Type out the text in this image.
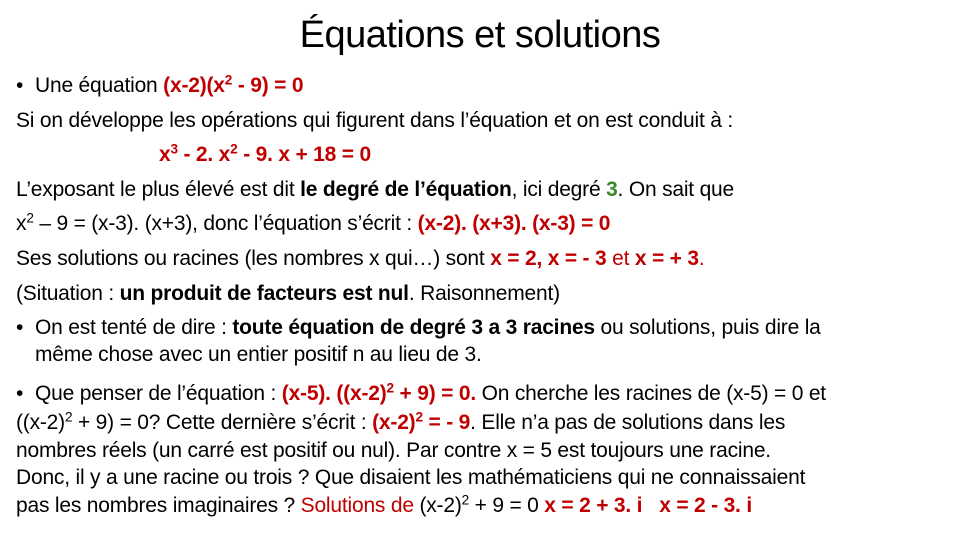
Équations et solutions
• Une équation $(x-2)(x^2 - 9) = 0$
Si on développe les opérations qui figurent dans l’équation et on est conduit à :
$x^3 - 2$. $x^2 - 9$. x + 18 = 0
L’exposant le plus élevé est dit le degré de l’équation, ici degré 3. On sait que
$x^2 - 9 = (x-3)$. (x+3), donc l’équation s’écrit : (x-2). (x+3). (x-3) = 0
Ses solutions ou racines (les nombres x qui…) sont x = 2, x = - 3 et x = + 3.
(Situation : un produit de facteurs est nul. Raisonnement)
• On est tenté de dire : toute équation de degré 3 a 3 racines ou solutions, puis dire la
même chose avec un entier positif n au lieu de 3.
• Que penser de l’équation : (x-5). $((x-2)^2 + 9) = 0$. On cherche les racines de (x-5) = 0 et
$((x-2)^2 + 9) = 0$? Cette dernière s’écrit : $(x-2)^2$ = - 9. Elle n’a pas de solutions dans les
nombres réels (un carré est positif ou nul). Par contre x = 5 est toujours une racine.
Donc, il y a une racine ou trois ? Que disaient les mathématiciens qui ne connaissaient
pas les nombres imaginaires ? Solutions de $(x-2)^2 + 9 = 0$ x = 2 + 3. i x = 2 - 3. i
